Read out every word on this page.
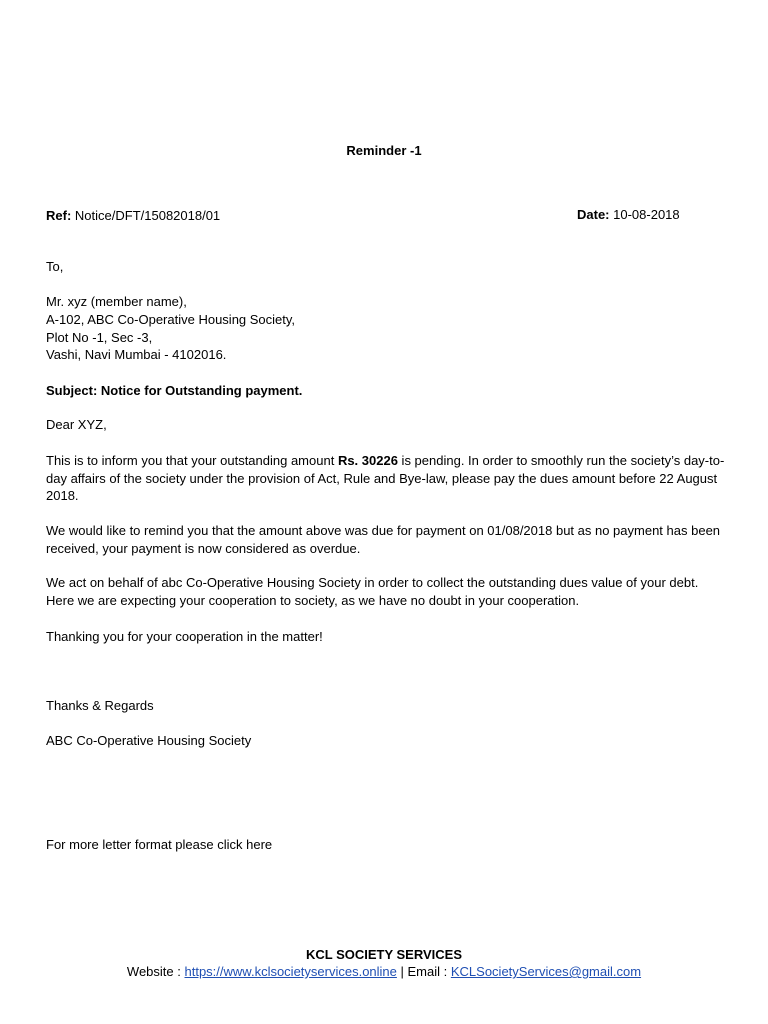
Reminder -1
Ref: Notice/DFT/15082018/01	Date: 10-08-2018
To,
Mr. xyz (member name),
A-102, ABC Co-Operative Housing Society,
Plot No -1, Sec -3,
Vashi, Navi Mumbai - 4102016.
Subject: Notice for Outstanding payment.
Dear XYZ,
This is to inform you that your outstanding amount Rs. 30226 is pending. In order to smoothly run the society’s day-to-day affairs of the society under the provision of Act, Rule and Bye-law, please pay the dues amount before 22 August 2018.
We would like to remind you that the amount above was due for payment on 01/08/2018 but as no payment has been received, your payment is now considered as overdue.
We act on behalf of abc Co-Operative Housing Society in order to collect the outstanding dues value of your debt. Here we are expecting your cooperation to society, as we have no doubt in your cooperation.
Thanking you for your cooperation in the matter!
Thanks & Regards
ABC Co-Operative Housing Society
For more letter format please click here
KCL SOCIETY SERVICES
Website : https://www.kclsocietyservices.online | Email : KCLSocietyServices@gmail.com
